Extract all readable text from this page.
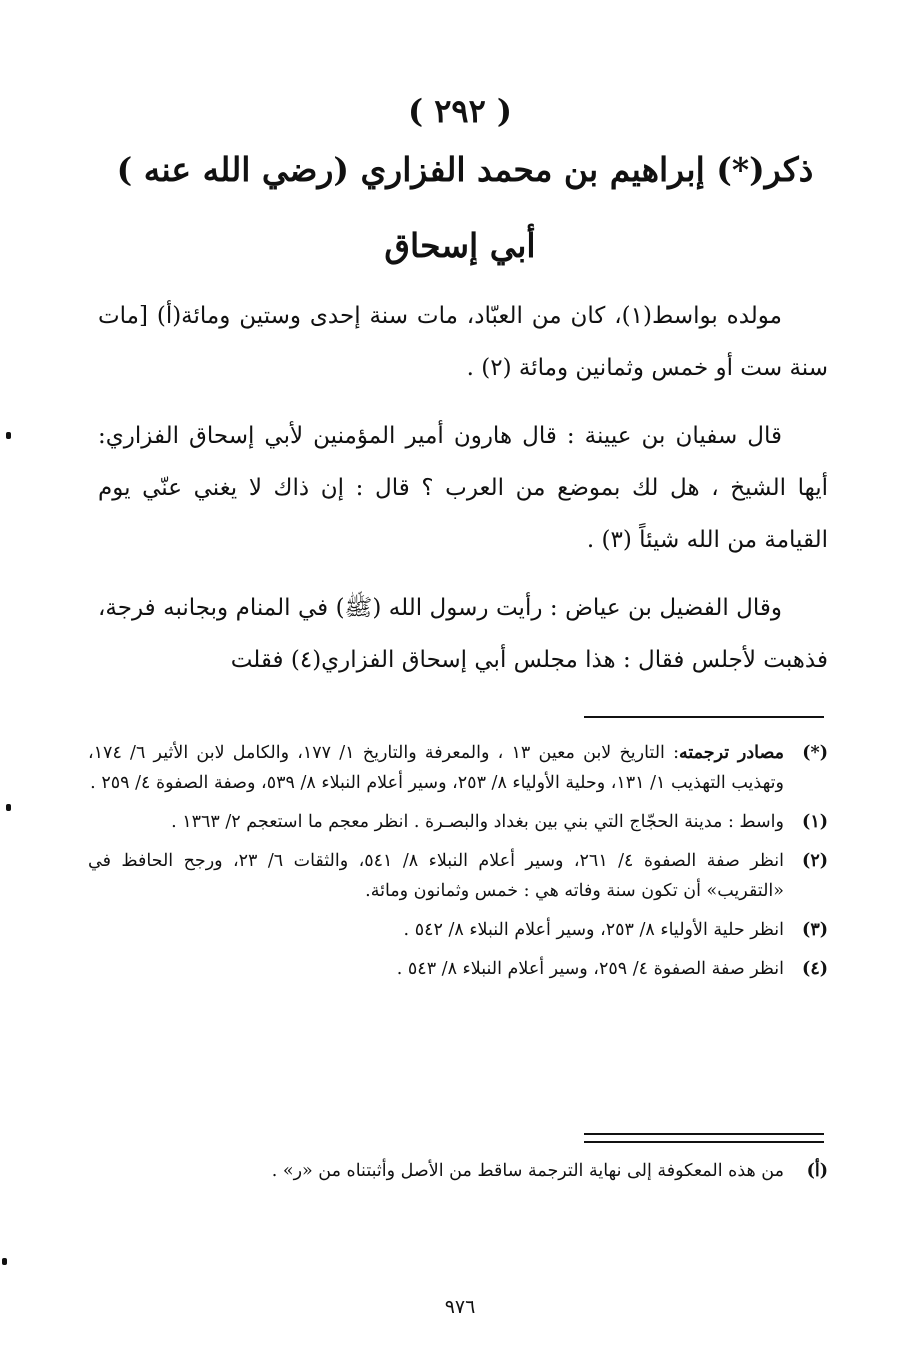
( ٢٩٢ )
ذكر(*) إبراهيم بن محمد الفزاري (رضي الله عنه )
أبي إسحاق

مولده بواسط(١)، كان من العبّاد، مات سنة إحدى وستين ومائة(أ) [مات سنة ست أو خمس وثمانين ومائة (٢) .

قال سفيان بن عيينة : قال هارون أمير المؤمنين لأبي إسحاق الفزاري: أيها الشيخ ، هل لك بموضع من العرب ؟ قال : إن ذاك لا يغني عنّي يوم القيامة من الله شيئاً (٣) .

وقال الفضيل بن عياض : رأيت رسول الله (ﷺ) في المنام وبجانبه فرجة، فذهبت لأجلس فقال : هذا مجلس أبي إسحاق الفزاري(٤) فقلت

(*)
مصادر ترجمته: التاريخ لابن معين ١٣ ، والمعرفة والتاريخ ١/ ١٧٧، والكامل لابن الأثير ٦/ ١٧٤، وتهذيب التهذيب ١/ ١٣١، وحلية الأولياء ٨/ ٢٥٣، وسير أعلام النبلاء ٨/ ٥٣٩، وصفة الصفوة ٤/ ٢٥٩ .
(١)
واسط : مدينة الحجّاج التي بني بين بغداد والبصـرة . انظر معجم ما استعجم ٢/ ١٣٦٣ .
(٢)
انظر صفة الصفوة ٤/ ٢٦١، وسير أعلام النبلاء ٨/ ٥٤١، والثقات ٦/ ٢٣، ورجح الحافظ في «التقريب» أن تكون سنة وفاته هي : خمس وثمانون ومائة.
(٣)
انظر حلية الأولياء ٨/ ٢٥٣، وسير أعلام النبلاء ٨/ ٥٤٢ .
(٤)
انظر صفة الصفوة ٤/ ٢٥٩، وسير أعلام النبلاء ٨/ ٥٤٣ .
(أ)
من هذه المعكوفة إلى نهاية الترجمة ساقط من الأصل وأثبتناه من «ر» .
٩٧٦
